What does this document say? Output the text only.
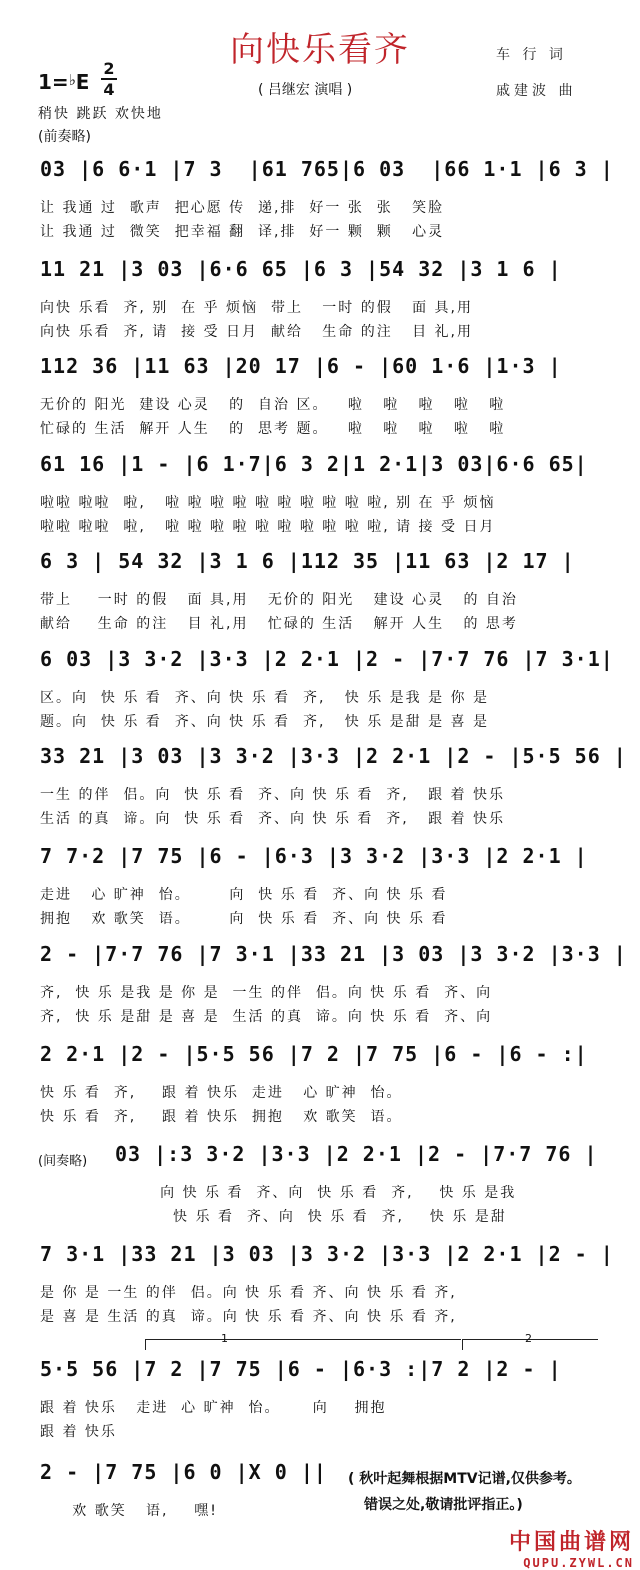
向快乐看齐	车 行 词
戚建波 曲
1=♭E
2
4	( 吕继宏 演唱 )
稍快 跳跃 欢快地
(前奏略)
03 |6 6·1 |7 3  |61 765|6 03  |66 1·1 |6 3 |
让 我通 过  歌声  把心愿 传  递,排  好一 张  张   笑脸
让 我通 过  微笑  把幸福 翻  译,排  好一 颗  颗   心灵
11 21 |3 03 |6·6 65 |6 3 |54 32 |3 1 6 |
向快 乐看  齐, 别  在 乎 烦恼  带上   一时 的假   面 具,用
向快 乐看  齐, 请  接 受 日月  献给   生命 的注   目 礼,用
112 36 |11 63 |20 17 |6 - |60 1·6 |1·3 |
无价的 阳光  建设 心灵   的  自治 区。   啦   啦   啦   啦   啦
忙碌的 生活  解开 人生   的  思考 题。   啦   啦   啦   啦   啦
61 16 |1 - |6 1·7|6 3 2|1 2·1|3 03|6·6 65|
啦啦 啦啦  啦,   啦 啦 啦 啦 啦 啦 啦 啦 啦 啦, 别 在 乎 烦恼
啦啦 啦啦  啦,   啦 啦 啦 啦 啦 啦 啦 啦 啦 啦, 请 接 受 日月
6 3 | 54 32 |3 1 6 |112 35 |11 63 |2 17 |
带上    一时 的假   面 具,用   无价的 阳光   建设 心灵   的 自治
献给    生命 的注   目 礼,用   忙碌的 生活   解开 人生   的 思考
6 03 |3 3·2 |3·3 |2 2·1 |2 - |7·7 76 |7 3·1|
区。向  快 乐 看  齐、向 快 乐 看  齐,   快 乐 是我 是 你 是
题。向  快 乐 看  齐、向 快 乐 看  齐,   快 乐 是甜 是 喜 是
33 21 |3 03 |3 3·2 |3·3 |2 2·1 |2 - |5·5 56 |
一生 的伴  侣。向  快 乐 看  齐、向 快 乐 看  齐,   跟 着 快乐
生活 的真  谛。向  快 乐 看  齐、向 快 乐 看  齐,   跟 着 快乐
7 7·2 |7 75 |6 - |6·3 |3 3·2 |3·3 |2 2·1 |
走进   心 旷神  怡。      向  快 乐 看  齐、向 快 乐 看
拥抱   欢 歌笑  语。      向  快 乐 看  齐、向 快 乐 看
2 - |7·7 76 |7 3·1 |33 21 |3 03 |3 3·2 |3·3 |
齐,  快 乐 是我 是 你 是  一生 的伴  侣。向 快 乐 看  齐、向
齐,  快 乐 是甜 是 喜 是  生活 的真  谛。向 快 乐 看  齐、向
2 2·1 |2 - |5·5 56 |7 2 |7 75 |6 - |6 - :|
快 乐 看  齐,    跟 着 快乐  走进   心 旷神  怡。
快 乐 看  齐,    跟 着 快乐  拥抱   欢 歌笑  语。
03 |:3 3·2 |3·3 |2 2·1 |2 - |7·7 76 |
向 快 乐 看  齐、向  快 乐 看  齐,    快 乐 是我
快 乐 看  齐、向  快 乐 看  齐,    快 乐 是甜
7 3·1 |33 21 |3 03 |3 3·2 |3·3 |2 2·1 |2 - |
是 你 是 一生 的伴  侣。向 快 乐 看 齐、向 快 乐 看 齐,
是 喜 是 生活 的真  谛。向 快 乐 看 齐、向 快 乐 看 齐,
5·5 56 |7 2 |7 75 |6 - |6·3 :|7 2 |2 - |
跟 着 快乐   走进  心 旷神  怡。     向    拥抱
跟 着 快乐
1	2
2 - |7 75 |6 0 |X 0 ||
欢 歌笑   语,    嘿!
( 秋叶起舞根据MTV记谱,仅供参考。
错误之处,敬请批评指正。)
中国曲谱网
QUPU.ZYWL.CN
(间奏略)
